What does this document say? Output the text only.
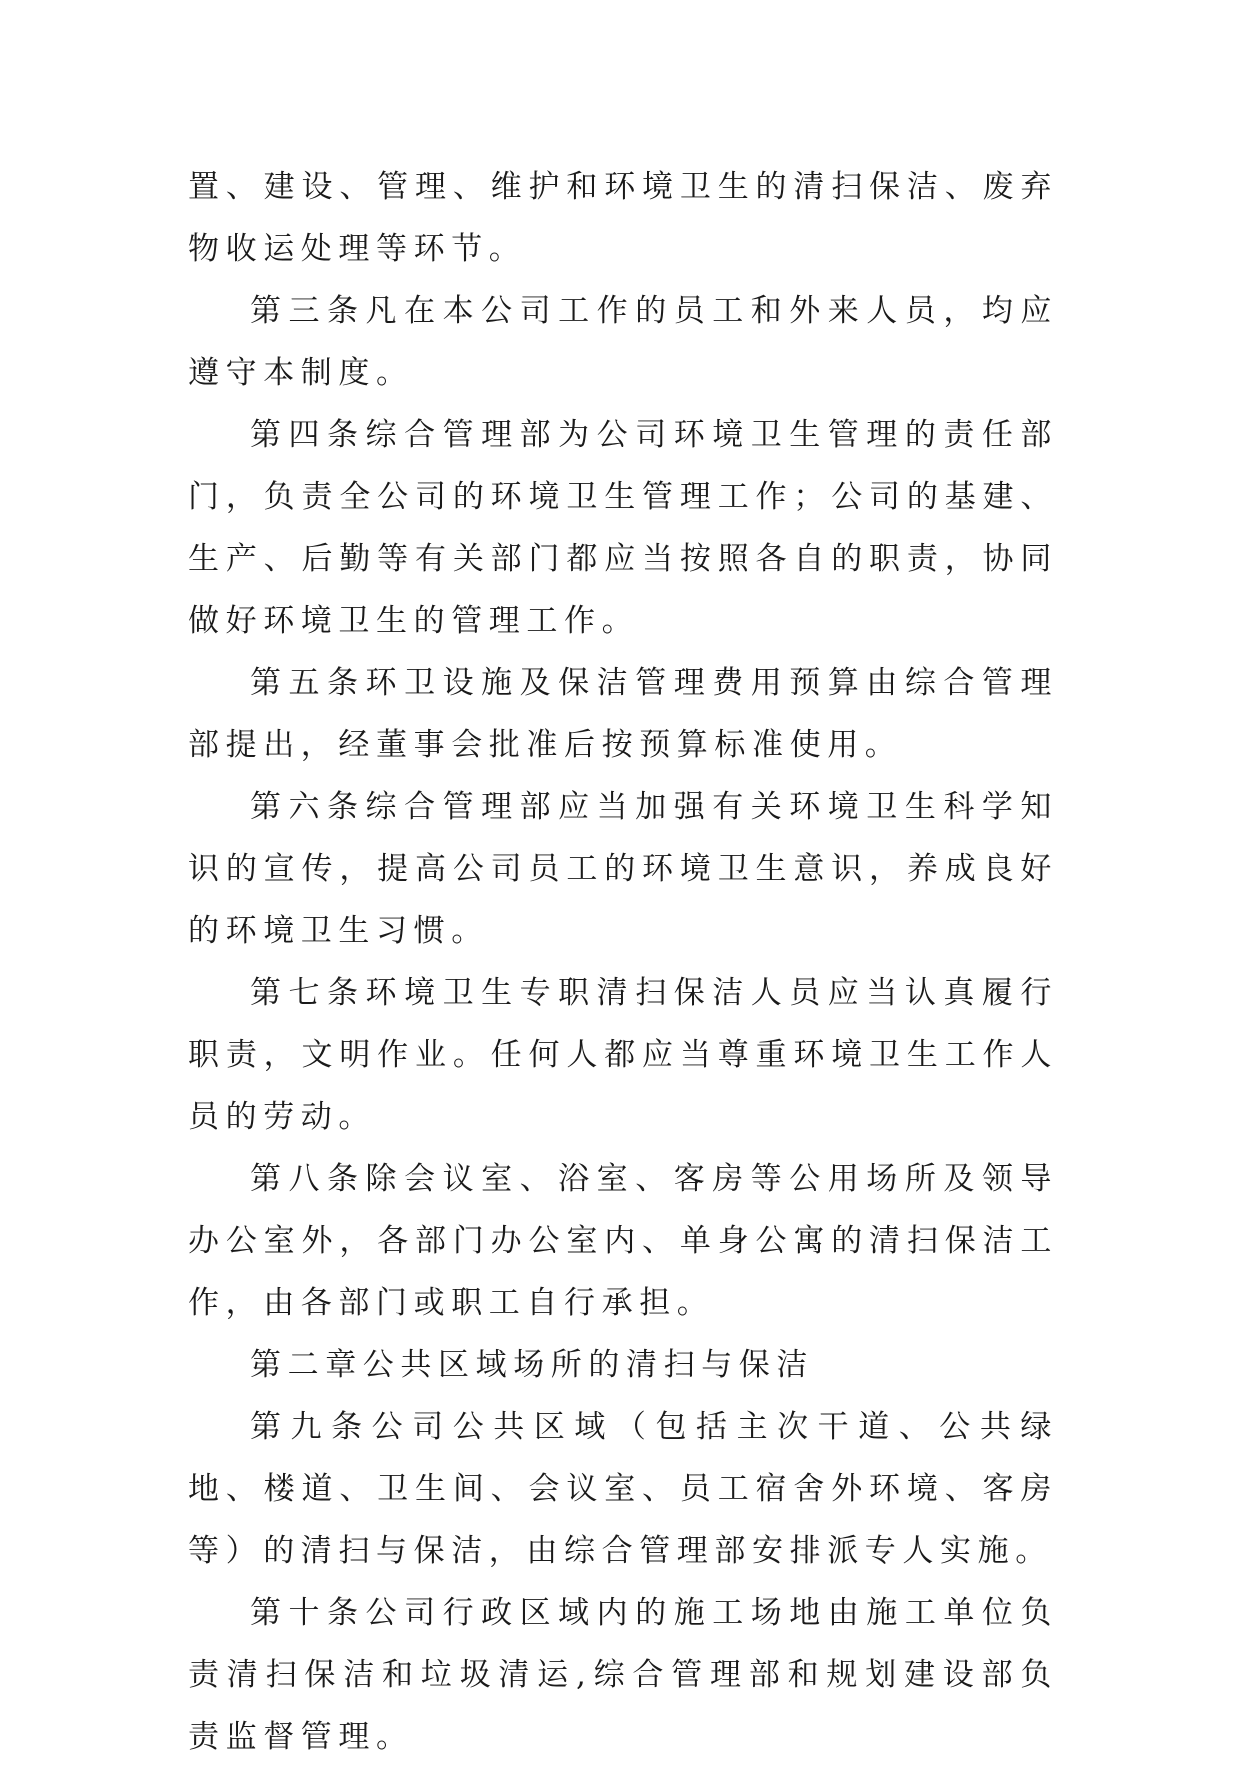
置、建设、管理、维护和环境卫生的清扫保洁、废弃物收运处理等环节。

第三条凡在本公司工作的员工和外来人员，均应遵守本制度。

第四条综合管理部为公司环境卫生管理的责任部门，负责全公司的环境卫生管理工作；公司的基建、生产、后勤等有关部门都应当按照各自的职责，协同做好环境卫生的管理工作。

第五条环卫设施及保洁管理费用预算由综合管理部提出，经董事会批准后按预算标准使用。

第六条综合管理部应当加强有关环境卫生科学知识的宣传，提高公司员工的环境卫生意识，养成良好的环境卫生习惯。

第七条环境卫生专职清扫保洁人员应当认真履行职责，文明作业。任何人都应当尊重环境卫生工作人员的劳动。

第八条除会议室、浴室、客房等公用场所及领导办公室外，各部门办公室内、单身公寓的清扫保洁工作，由各部门或职工自行承担。

第二章公共区域场所的清扫与保洁

第九条公司公共区域（包括主次干道、公共绿地、楼道、卫生间、会议室、员工宿舍外环境、客房等）的清扫与保洁，由综合管理部安排派专人实施。

第十条公司行政区域内的施工场地由施工单位负责清扫保洁和垃圾清运,综合管理部和规划建设部负责监督管理。
